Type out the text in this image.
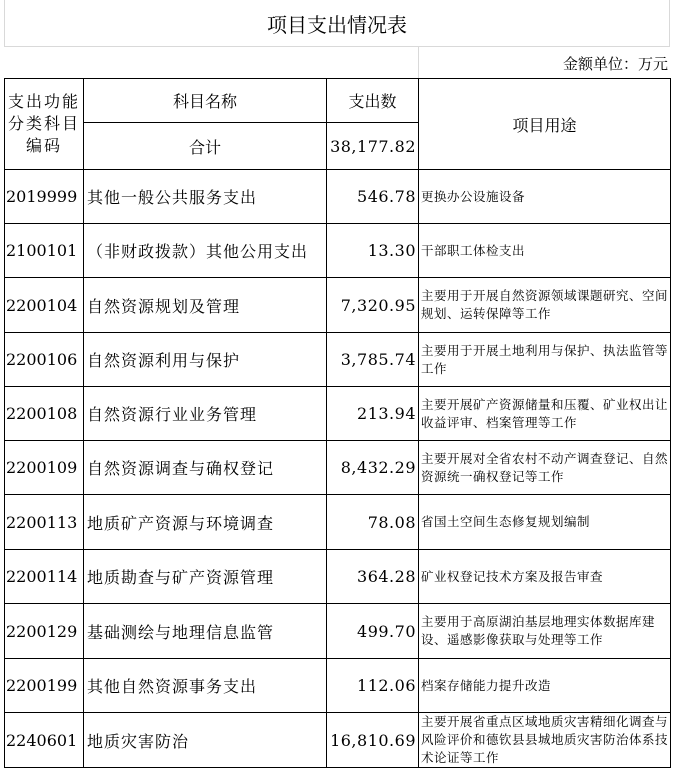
项目支出情况表
金额单位：万元
支出功能分类科目编码	科目名称	支出数	项目用途
	合计	38,177.82	
2019999	其他一般公共服务支出	546.78	更换办公设施设备
2100101	（非财政拨款）其他公用支出	13.30	干部职工体检支出
2200104	自然资源规划及管理	7,320.95	主要用于开展自然资源领域课题研究、空间规划、运转保障等工作
2200106	自然资源利用与保护	3,785.74	主要用于开展土地利用与保护、执法监管等工作
2200108	自然资源行业业务管理	213.94	主要开展矿产资源储量和压覆、矿业权出让收益评审、档案管理等工作
2200109	自然资源调查与确权登记	8,432.29	主要开展对全省农村不动产调查登记、自然资源统一确权登记等工作
2200113	地质矿产资源与环境调查	78.08	省国土空间生态修复规划编制
2200114	地质勘查与矿产资源管理	364.28	矿业权登记技术方案及报告审查
2200129	基础测绘与地理信息监管	499.70	主要用于高原湖泊基层地理实体数据库建设、遥感影像获取与处理等工作
2200199	其他自然资源事务支出	112.06	档案存储能力提升改造
2240601	地质灾害防治	16,810.69	主要开展省重点区域地质灾害精细化调查与风险评价和德钦县县城地质灾害防治体系技术论证等工作
